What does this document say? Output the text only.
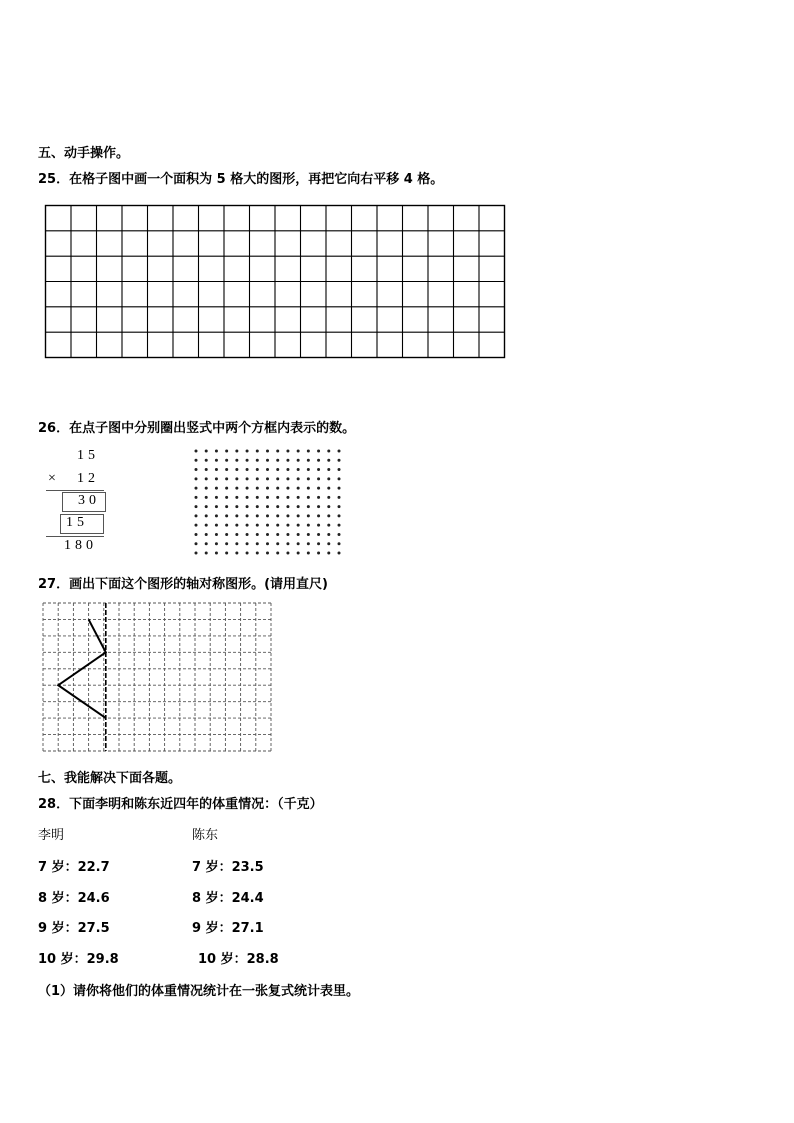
五、动手操作。
25．在格子图中画一个面积为 5 格大的图形，再把它向右平移 4 格。
26．在点子图中分别圈出竖式中两个方框内表示的数。
15
× 12
30
15
180
27．画出下面这个图形的轴对称图形。(请用直尺)
七、我能解决下面各题。
28．下面李明和陈东近四年的体重情况：（千克）
李明	陈东
7 岁：22.7	7 岁：23.5
8 岁：24.6	8 岁：24.4
9 岁：27.5	9 岁：27.1
10 岁：29.8	10 岁：28.8
（1）请你将他们的体重情况统计在一张复式统计表里。
